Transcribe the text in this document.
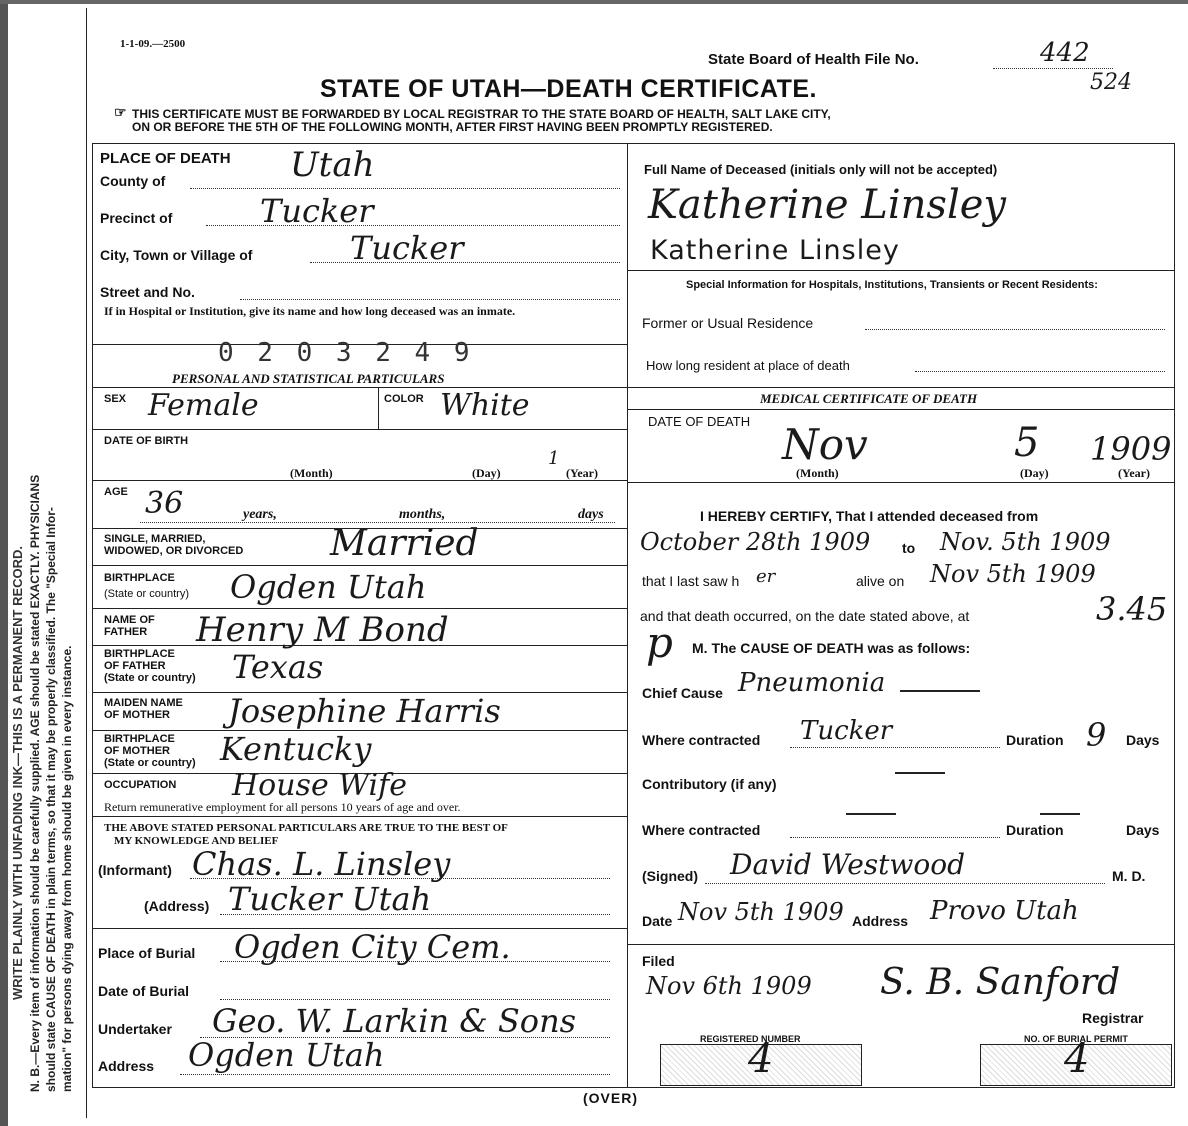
N. B.—Every item of information should be carefully supplied. AGE should be stated EXACTLY. PHYSICIANS should state CAUSE OF DEATH in plain terms, so that it may be properly classified. The "Special Infor- mation" for persons dying away from home should be given in every instance.
WRITE PLAINLY WITH UNFADING INK—THIS IS A PERMANENT RECORD.
1-1-09.—2500
State Board of Health File No.	442
524
STATE OF UTAH—DEATH CERTIFICATE.
☞ THIS CERTIFICATE MUST BE FORWARDED BY LOCAL REGISTRAR TO THE STATE BOARD OF HEALTH, SALT LAKE CITY,
ON OR BEFORE THE 5TH OF THE FOLLOWING MONTH, AFTER FIRST HAVING BEEN PROMPTLY REGISTERED.
PLACE OF DEATH
County of	Utah
Precinct of	Tucker
City, Town or Village of	Tucker
Street and No.
If in Hospital or Institution, give its name and how long deceased was an inmate.
0 2 0 3 2 4 9
PERSONAL AND STATISTICAL PARTICULARS
SEX Female	COLOR White
DATE OF BIRTH
1
(Month)	(Day)	(Year)
AGE 36	years,	months,	days
SINGLE, MARRIED,
WIDOWED, OR DIVORCED Married
BIRTHPLACE
(State or country) Ogden Utah
NAME OF
FATHER Henry M Bond
BIRTHPLACE
OF FATHER
(State or country) Texas
MAIDEN NAME
OF MOTHER Josephine Harris
BIRTHPLACE
OF MOTHER
(State or country) Kentucky
OCCUPATION House Wife
Return remunerative employment for all persons 10 years of age and over.
THE ABOVE STATED PERSONAL PARTICULARS ARE TRUE TO THE BEST OF
MY KNOWLEDGE AND BELIEF
(Informant) Chas. L. Linsley
(Address) Tucker Utah
Place of Burial Ogden City Cem.
Date of Burial
Undertaker Geo. W. Larkin & Sons
Address Ogden Utah
Full Name of Deceased (initials only will not be accepted)
Katherine Linsley
Katherine Linsley
Special Information for Hospitals, Institutions, Transients or Recent Residents:
Former or Usual Residence
How long resident at place of death
MEDICAL CERTIFICATE OF DEATH
DATE OF DEATH Nov	5 1909
(Month)	(Day)	(Year)
I HEREBY CERTIFY, That I attended deceased from
October 28th 1909 to Nov. 5th 1909
that I last saw h er	alive on Nov 5th 1909
and that death occurred, on the date stated above, at	3.45
p M. The CAUSE OF DEATH was as follows:
Chief Cause Pneumonia
Where contracted Tucker	Duration 9 Days
Contributory (if any)
Where contracted	Duration	Days
(Signed) David Westwood	M. D.
Date Nov 5th 1909 Address Provo Utah
Filed
Nov 6th 1909 S. B. Sanford
Registrar
REGISTERED NUMBER
4	NO. OF BURIAL PERMIT
4
(OVER)
